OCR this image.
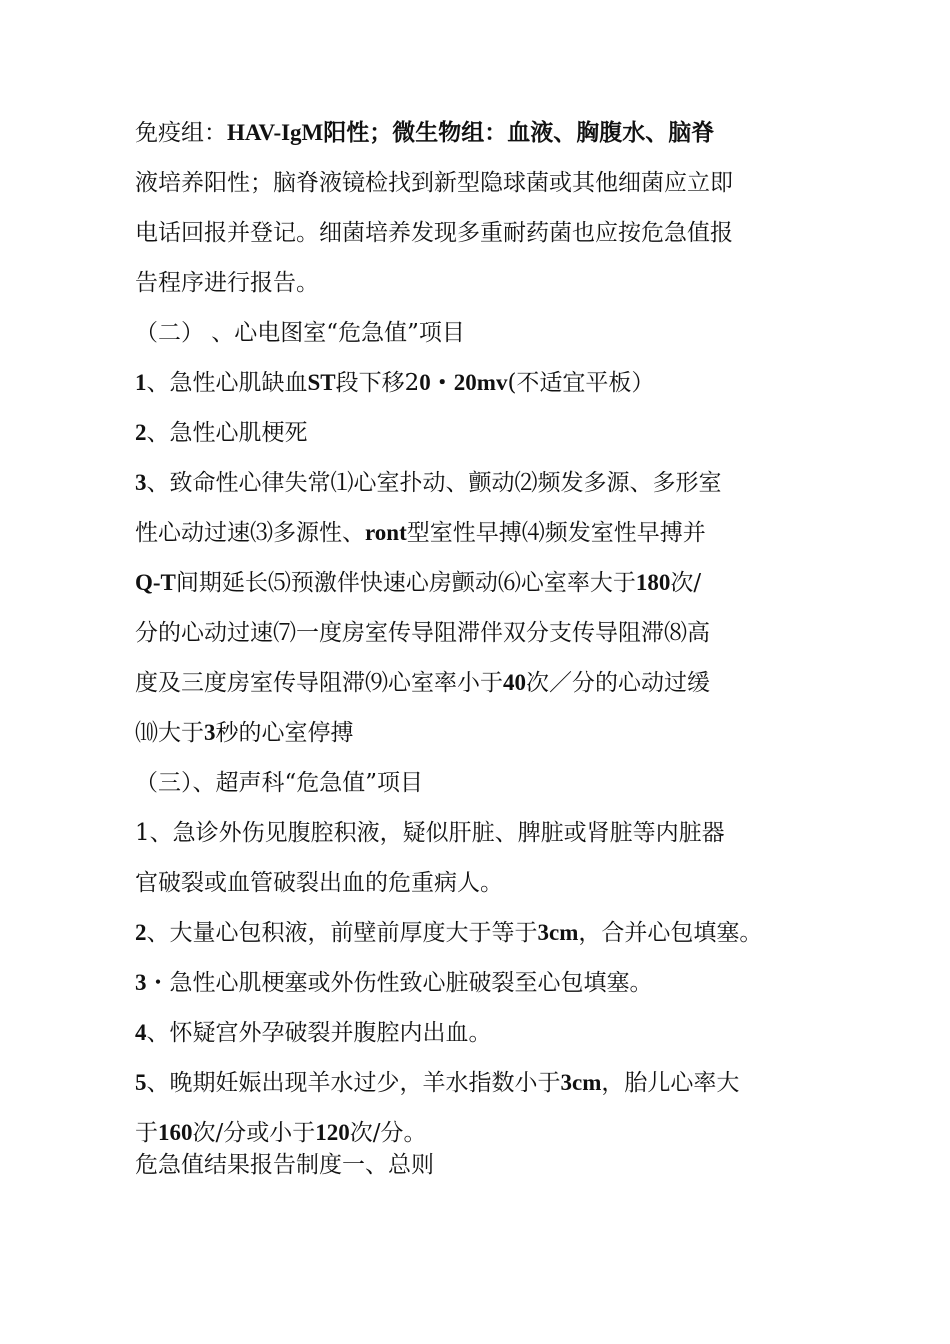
免疫组：HAV-IgM阳性；微生物组：血液、胸腹水、脑脊
液培养阳性；脑脊液镜检找到新型隐球菌或其他细菌应立即
电话回报并登记。细菌培养发现多重耐药菌也应按危急值报
告程序进行报告。
（二） 、心电图室“危急值”项目
1、急性心肌缺血ST段下移20・20mv(不适宜平板）
2、急性心肌梗死
3、致命性心律失常⑴心室扑动、颤动⑵频发多源、多形室
性心动过速⑶多源性、ront型室性早搏⑷频发室性早搏并
Q-T间期延长⑸预激伴快速心房颤动⑹心室率大于180次/
分的心动过速⑺一度房室传导阻滞伴双分支传导阻滞⑻高
度及三度房室传导阻滞⑼心室率小于40次／分的心动过缓
⑽大于3秒的心室停搏
（三）、超声科“危急值”项目
1、急诊外伤见腹腔积液，疑似肝脏、脾脏或肾脏等内脏器
官破裂或血管破裂出血的危重病人。
2、大量心包积液，前壁前厚度大于等于3cm，合并心包填塞。
3・急性心肌梗塞或外伤性致心脏破裂至心包填塞。
4、怀疑宫外孕破裂并腹腔内出血。
5、晚期妊娠出现羊水过少，羊水指数小于3cm，胎儿心率大
于160次/分或小于120次/分。
危急值结果报告制度一、总则
